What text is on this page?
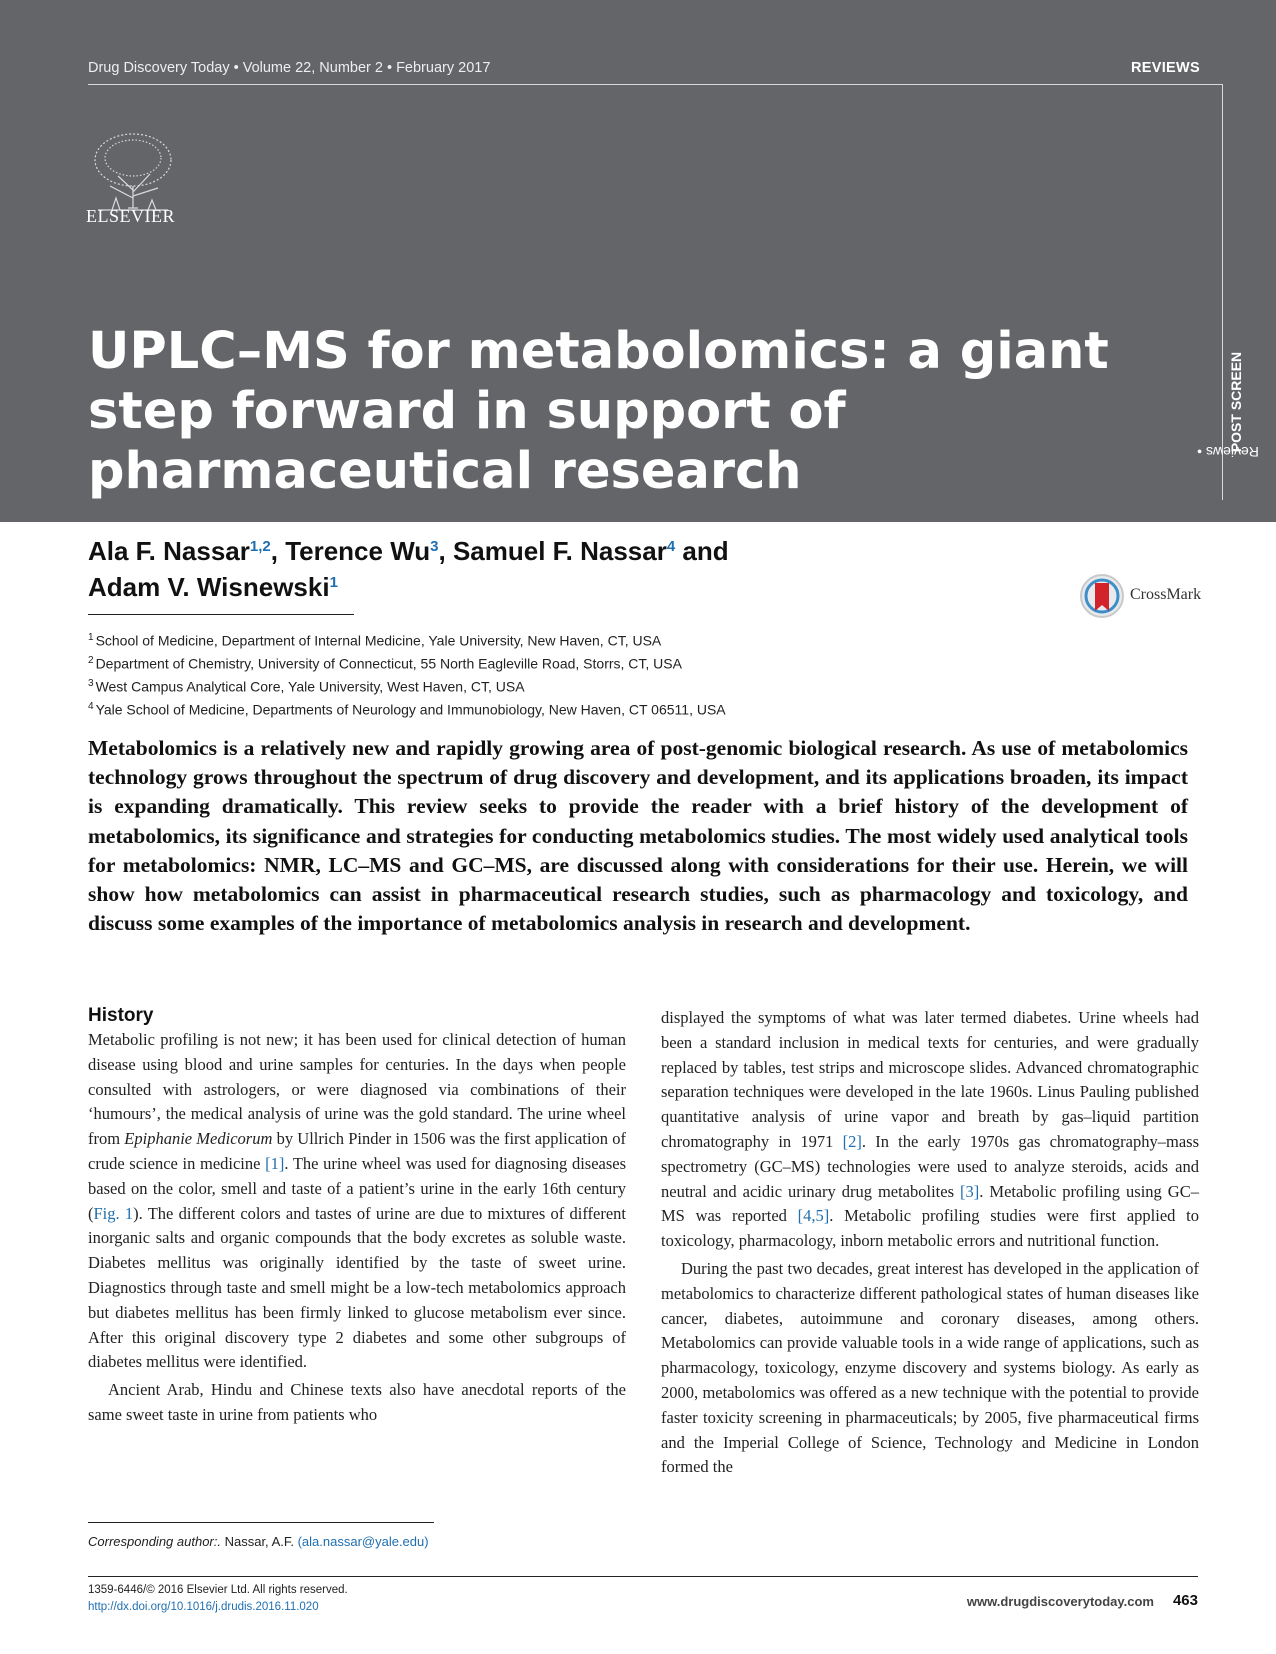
Drug Discovery Today • Volume 22, Number 2 • February 2017	REVIEWS
Reviews •
POST SCREEN
ELSEVIER
UPLC–MS for metabolomics: a giant step forward in support of pharmaceutical research
Ala F. Nassar$^{1,2}$, Terence Wu$^3$, Samuel F. Nassar$^4$ and
Adam V. Wisnewski$^1$
CrossMark
$^1$ School of Medicine, Department of Internal Medicine, Yale University, New Haven, CT, USA
$^2$ Department of Chemistry, University of Connecticut, 55 North Eagleville Road, Storrs, CT, USA
$^3$ West Campus Analytical Core, Yale University, West Haven, CT, USA
$^4$ Yale School of Medicine, Departments of Neurology and Immunobiology, New Haven, CT 06511, USA

Metabolomics is a relatively new and rapidly growing area of post-genomic biological research. As use of metabolomics technology grows throughout the spectrum of drug discovery and development, and its applications broaden, its impact is expanding dramatically. This review seeks to provide the reader with a brief history of the development of metabolomics, its significance and strategies for conducting metabolomics studies. The most widely used analytical tools for metabolomics: NMR, LC–MS and GC–MS, are discussed along with considerations for their use. Herein, we will show how metabolomics can assist in pharmaceutical research studies, such as pharmacology and toxicology, and discuss some examples of the importance of metabolomics analysis in research and development.

History

Metabolic profiling is not new; it has been used for clinical detection of human disease using blood and urine samples for centuries. In the days when people consulted with astrologers, or were diagnosed via combinations of their ‘humours’, the medical analysis of urine was the gold standard. The urine wheel from Epiphanie Medicorum by Ullrich Pinder in 1506 was the first application of crude science in medicine [1]. The urine wheel was used for diagnosing diseases based on the color, smell and taste of a patient’s urine in the early 16th century (Fig. 1). The different colors and tastes of urine are due to mixtures of different inorganic salts and organic compounds that the body excretes as soluble waste. Diabetes mellitus was originally identified by the taste of sweet urine. Diagnostics through taste and smell might be a low-tech metabolomics approach but diabetes mellitus has been firmly linked to glucose metabolism ever since. After this original discovery type 2 diabetes and some other subgroups of diabetes mellitus were identified.

Ancient Arab, Hindu and Chinese texts also have anecdotal reports of the same sweet taste in urine from patients who

displayed the symptoms of what was later termed diabetes. Urine wheels had been a standard inclusion in medical texts for centuries, and were gradually replaced by tables, test strips and microscope slides. Advanced chromatographic separation techniques were developed in the late 1960s. Linus Pauling published quantitative analysis of urine vapor and breath by gas–liquid partition chromatography in 1971 [2]. In the early 1970s gas chromatography–mass spectrometry (GC–MS) technologies were used to analyze steroids, acids and neutral and acidic urinary drug metabolites [3]. Metabolic profiling using GC–MS was reported [4,5]. Metabolic profiling studies were first applied to toxicology, pharmacology, inborn metabolic errors and nutritional function.

During the past two decades, great interest has developed in the application of metabolomics to characterize different pathological states of human diseases like cancer, diabetes, autoimmune and coronary diseases, among others. Metabolomics can provide valuable tools in a wide range of applications, such as pharmacology, toxicology, enzyme discovery and systems biology. As early as 2000, metabolomics was offered as a new technique with the potential to provide faster toxicity screening in pharmaceuticals; by 2005, five pharmaceutical firms and the Imperial College of Science, Technology and Medicine in London formed the

Corresponding author:. Nassar, A.F. (ala.nassar@yale.edu)
1359-6446/© 2016 Elsevier Ltd. All rights reserved.
http://dx.doi.org/10.1016/j.drudis.2016.11.020	www.drugdiscoverytoday.com 463
